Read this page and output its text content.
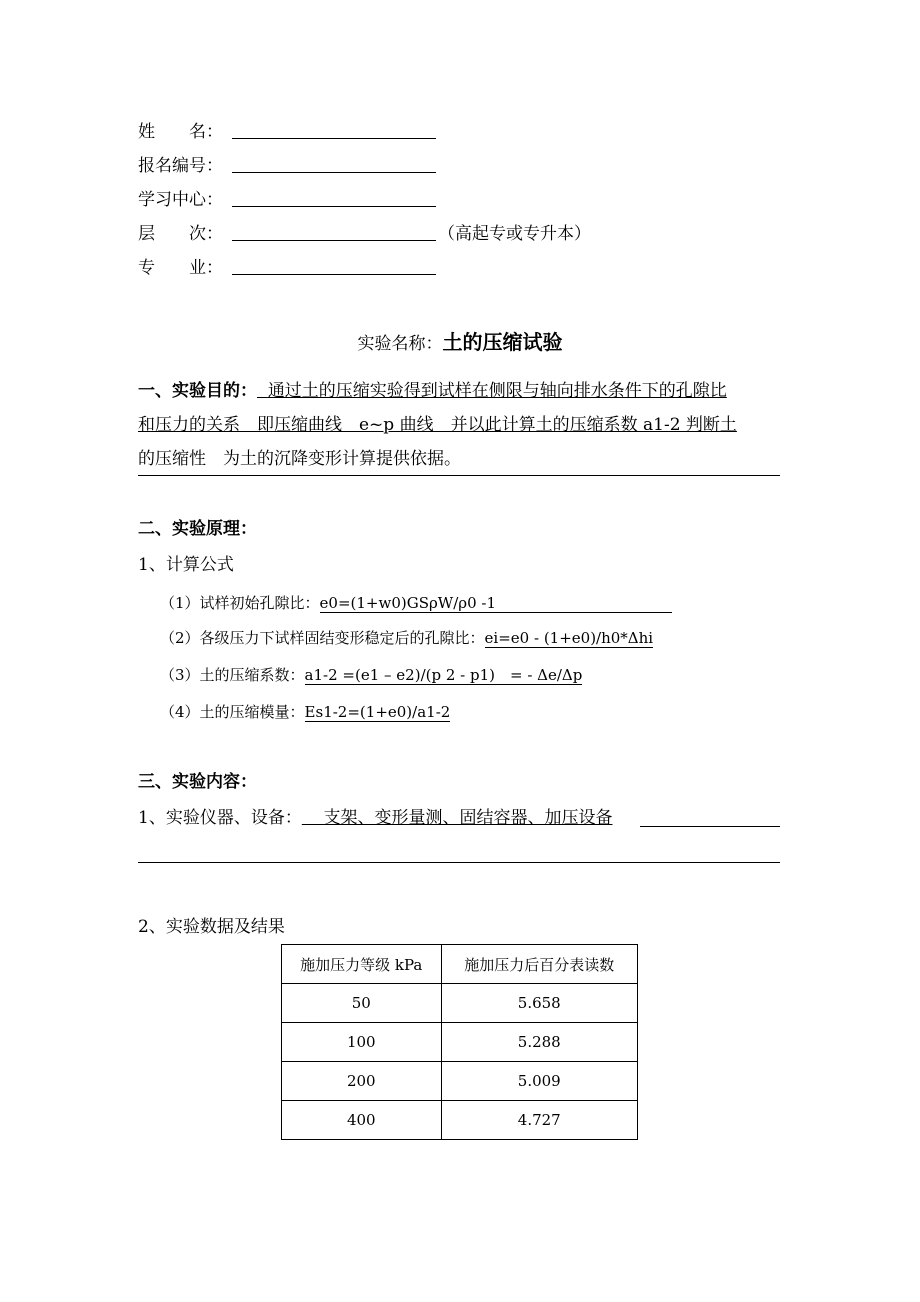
姓　　名：
报名编号：
学习中心：
层　　次：	（高起专或专升本）
专　　业：
实验名称：土的压缩试验
一、实验目的： 通过土的压缩实验得到试样在侧限与轴向排水条件下的孔隙比
和压力的关系　即压缩曲线　e~p 曲线　并以此计算土的压缩系数 a1-2 判断土
的压缩性　为土的沉降变形计算提供依据。
二、实验原理：
1、计算公式
（1）试样初始孔隙比：e0=(1+w0)GSρW/ρ0 -1
（2）各级压力下试样固结变形稳定后的孔隙比：ei=e0 - (1+e0)/h0*Δhi
（3）土的压缩系数：a1-2 =(e1 – e2)/(p 2 - p1)　= - Δe/Δp
（4）土的压缩模量：Es1-2=(1+e0)/a1-2
三、实验内容：
1、实验仪器、设备： 支架、变形量测、固结容器、加压设备
2、实验数据及结果
施加压力等级 kPa	施加压力后百分表读数
50	5.658
100	5.288
200	5.009
400	4.727
